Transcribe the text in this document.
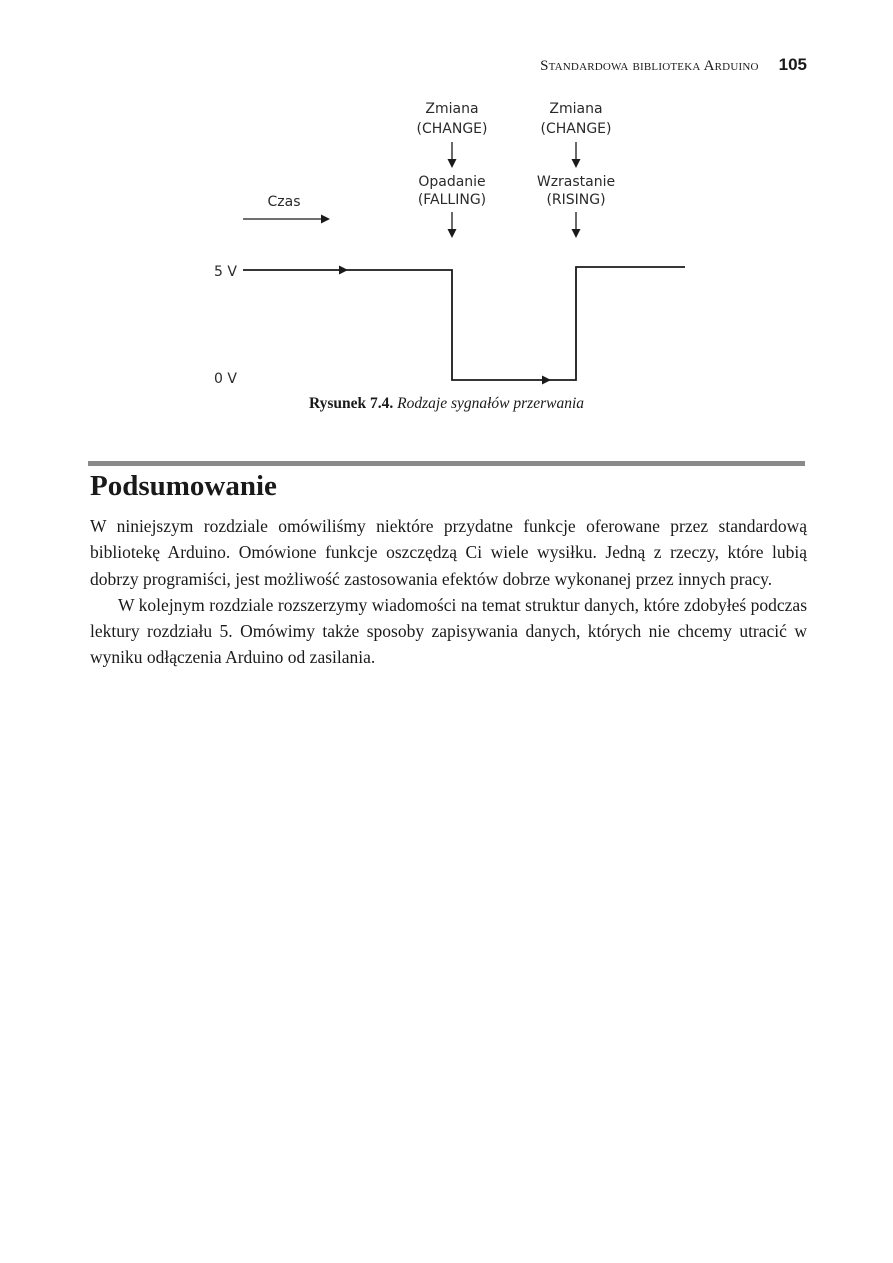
Standardowa biblioteka Arduino 105
Zmiana
(CHANGE)
Zmiana
(CHANGE)
Opadanie
(FALLING)
Wzrastanie
(RISING)
Czas
5 V
0 V
Rysunek 7.4. Rodzaje sygnałów przerwania
Podsumowanie

W niniejszym rozdziale omówiliśmy niektóre przydatne funkcje oferowane przez standardową bibliotekę Arduino. Omówione funkcje oszczędzą Ci wiele wysiłku. Jedną z rzeczy, które lubią dobrzy programiści, jest możliwość zastosowania efektów dobrze wykonanej przez innych pracy.

W kolejnym rozdziale rozszerzymy wiadomości na temat struktur danych, które zdobyłeś podczas lektury rozdziału 5. Omówimy także sposoby zapisywania danych, których nie chcemy utracić w wyniku odłączenia Arduino od zasilania.
